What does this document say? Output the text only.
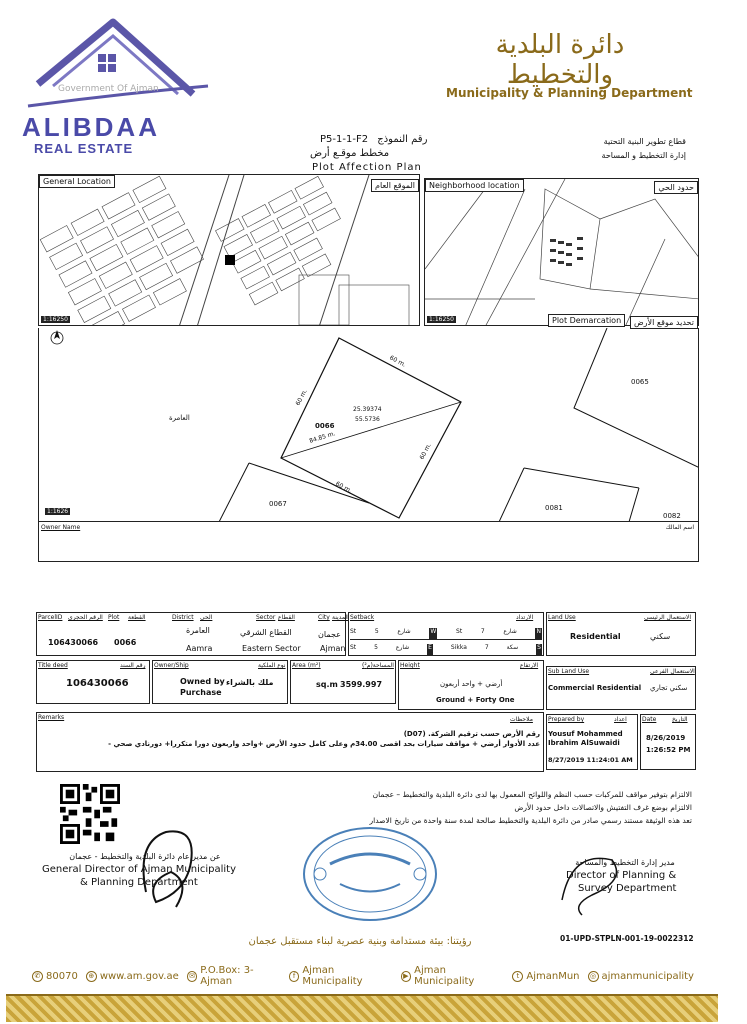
Government Of Ajman
ALIBDAA
REAL ESTATE
دائرة البلدية والتخطيط
Municipality & Planning Department
P5-1-1-F2 رقم النموذج
مخطط موقـع أرض
Plot Affection Plan
قطاع تطوير البنية التحتية
إدارة التخطيط و المساحة
General Location	الموقع العام
1:16250
Neighborhood location	حدود الحي
1:16250	Plot Demarcation	تحديد موقع الأرض
العامرة
0066
25.39374
55.5736
84.85 m.
60 m.
60 m.
60 m.
60 m.
0065
0067	0081
0082
1:1626
Owner Name	اسم المالك
ParcelID الرقم الحجري
106430066
Plot القطعة
0066
District الحي
العامرة
Aamra
Sector القطاع
القطاع الشرقي
Eastern Sector
City المدينة
عجمان
Ajman
Setback	الارتداد
St	5	شارع	W	St	7	شارع	N
St	5	شارع	E	Sikka	7	سكة	S
Land Use	الاستعمال الرئيسي
Residential	سكني
Title deed	رقم السند
106430066
Owner/Ship	نوع الملكية
Owned by Purchase
ملك بالشراء
Area (m²)	المساحة(م²)
sq.m 3599.997
Height	الارتفاع
أرضي + واحد أربعون
Ground + Forty One
Sub Land Use	الاستعمال الفرعي
Commercial Residential سكني تجاري
Remarks	ملاحظات
رقم الأرض حسب ترقيم الشركة. (D07)
عدد الأدوار أرضي + مواقف سيارات بحد اقصى 34.00م وعلى كامل حدود الأرض +واحد واربعون دورا متكررا+ دورنادي صحي -
Prepared by	اعداد
Yousuf Mohammed Ibrahim AlSuwaidi
8/27/2019 11:24:01 AM
Date	التاريخ
8/26/2019
1:26:52 PM
الالتزام بتوفير مواقف للمركبات حسب النظم واللوائح المعمول بها لدى دائرة البلدية والتخطيط – عجمان
الالتزام بوضع غرف التفتيش والاتصالات داخل حدود الأرض
تعد هذه الوثيقة مستند رسمي صادر من دائرة البلدية والتخطيط صالحة لمدة سنة واحدة من تاريخ الاصدار
عن مدير عام دائرة البلدية والتخطيط - عجمان
General Director of Ajman Municipality
& Planning Department
مدير إدارة التخطيط والمساحة
Director of Planning &
Survey Department
رؤيتنا: بيئة مستدامة وبنية عصرية لبناء مستقبل عجمان	01-UPD-STPLN-001-19-0022312
✆ 80070	⊕ www.am.gov.ae	✉ P.O.Box: 3-Ajman
f Ajman Municipality
▶ Ajman Municipality
t AjmanMun	◎ ajmanmunicipality
